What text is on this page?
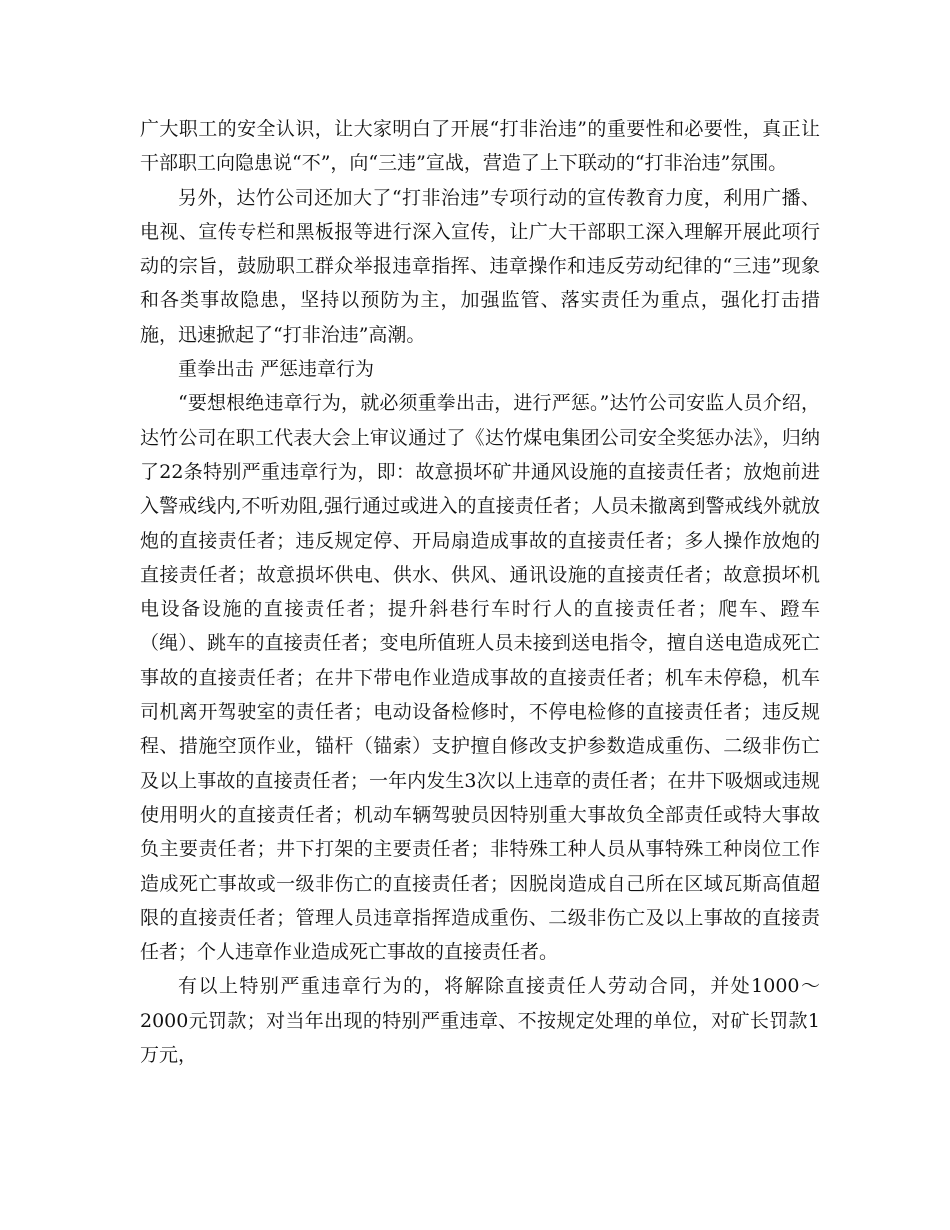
广大职工的安全认识，让大家明白了开展“打非治违”的重要性和必要性，真正让干部职工向隐患说“不”，向“三违”宣战，营造了上下联动的“打非治违”氛围。

另外，达竹公司还加大了“打非治违”专项行动的宣传教育力度，利用广播、电视、宣传专栏和黑板报等进行深入宣传，让广大干部职工深入理解开展此项行动的宗旨，鼓励职工群众举报违章指挥、违章操作和违反劳动纪律的“三违”现象和各类事故隐患，坚持以预防为主，加强监管、落实责任为重点，强化打击措施，迅速掀起了“打非治违”高潮。

重拳出击 严惩违章行为

“要想根绝违章行为，就必须重拳出击，进行严惩。”达竹公司安监人员介绍，达竹公司在职工代表大会上审议通过了《达竹煤电集团公司安全奖惩办法》，归纳了22条特别严重违章行为，即：故意损坏矿井通风设施的直接责任者；放炮前进入警戒线内,不听劝阻,强行通过或进入的直接责任者；人员未撤离到警戒线外就放炮的直接责任者；违反规定停、开局扇造成事故的直接责任者；多人操作放炮的直接责任者；故意损坏供电、供水、供风、通讯设施的直接责任者；故意损坏机电设备设施的直接责任者；提升斜巷行车时行人的直接责任者；爬车、蹬车（绳）、跳车的直接责任者；变电所值班人员未接到送电指令，擅自送电造成死亡事故的直接责任者；在井下带电作业造成事故的直接责任者；机车未停稳，机车司机离开驾驶室的责任者；电动设备检修时，不停电检修的直接责任者；违反规程、措施空顶作业，锚杆（锚索）支护擅自修改支护参数造成重伤、二级非伤亡及以上事故的直接责任者；一年内发生3次以上违章的责任者；在井下吸烟或违规使用明火的直接责任者；机动车辆驾驶员因特别重大事故负全部责任或特大事故负主要责任者；井下打架的主要责任者；非特殊工种人员从事特殊工种岗位工作造成死亡事故或一级非伤亡的直接责任者；因脱岗造成自己所在区域瓦斯高值超限的直接责任者；管理人员违章指挥造成重伤、二级非伤亡及以上事故的直接责任者；个人违章作业造成死亡事故的直接责任者。

有以上特别严重违章行为的，将解除直接责任人劳动合同，并处1000～2000元罚款；对当年出现的特别严重违章、不按规定处理的单位，对矿长罚款1万元，
